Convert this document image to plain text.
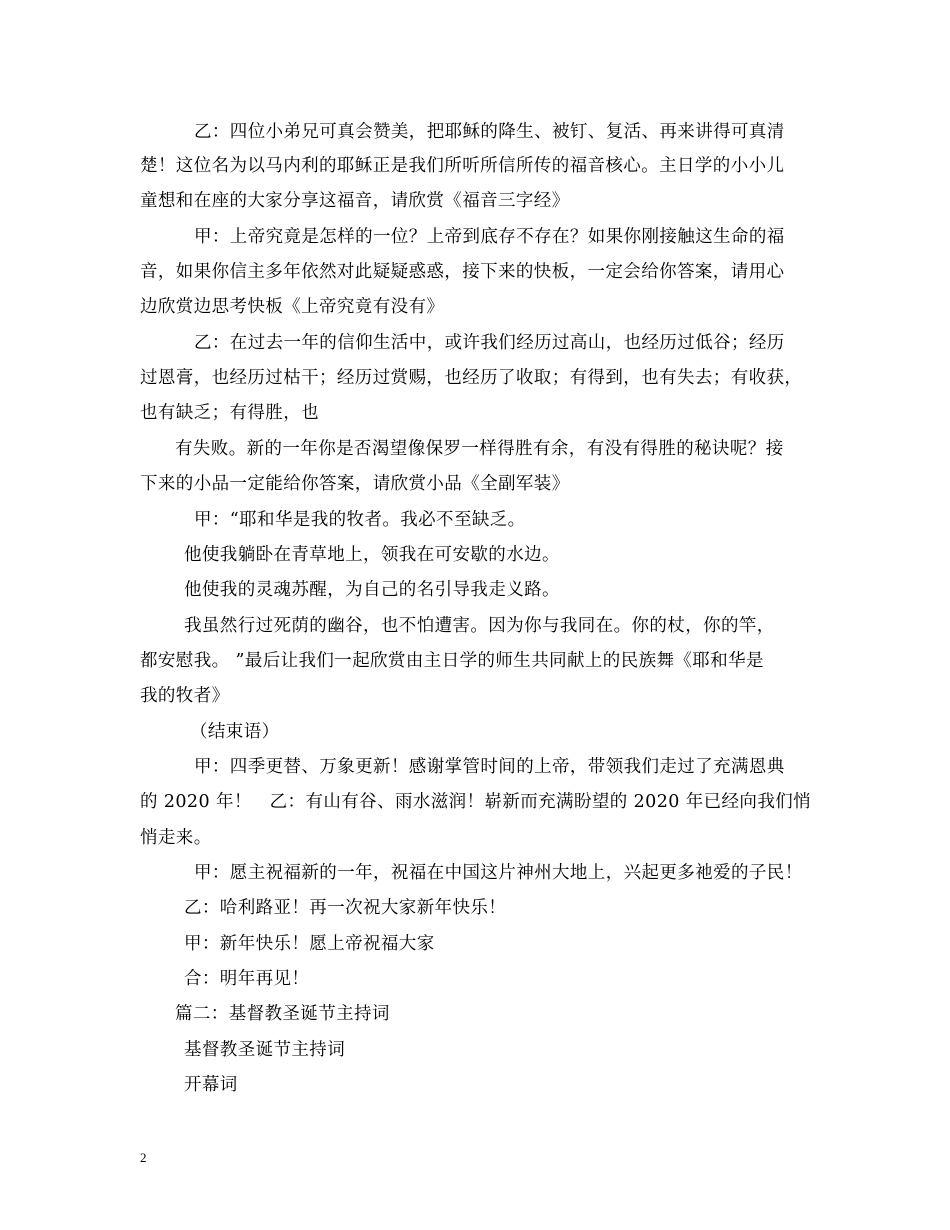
乙：四位小弟兄可真会赞美，把耶稣的降生、被钉、复活、再来讲得可真清
楚！这位名为以马内利的耶稣正是我们所听所信所传的福音核心。主日学的小小儿
童想和在座的大家分享这福音，请欣赏《福音三字经》
甲：上帝究竟是怎样的一位？上帝到底存不存在？如果你刚接触这生命的福
音，如果你信主多年依然对此疑疑惑惑，接下来的快板，一定会给你答案，请用心
边欣赏边思考快板《上帝究竟有没有》
乙：在过去一年的信仰生活中，或许我们经历过高山，也经历过低谷；经历
过恩膏，也经历过枯干；经历过赏赐，也经历了收取；有得到，也有失去；有收获，
也有缺乏；有得胜，也
有失败。新的一年你是否渴望像保罗一样得胜有余，有没有得胜的秘诀呢？接
下来的小品一定能给你答案，请欣赏小品《全副军装》
甲：“耶和华是我的牧者。我必不至缺乏。
他使我躺卧在青草地上，领我在可安歇的水边。
他使我的灵魂苏醒，为自己的名引导我走义路。
我虽然行过死荫的幽谷，也不怕遭害。因为你与我同在。你的杖，你的竿，
都安慰我。 ”最后让我们一起欣赏由主日学的师生共同献上的民族舞《耶和华是
我的牧者》
（结束语）
甲：四季更替、万象更新！感谢掌管时间的上帝，带领我们走过了充满恩典
的 2020 年！　乙：有山有谷、雨水滋润！崭新而充满盼望的 2020 年已经向我们悄
悄走来。
甲：愿主祝福新的一年，祝福在中国这片神州大地上，兴起更多祂爱的子民！
乙：哈利路亚！再一次祝大家新年快乐！
甲：新年快乐！愿上帝祝福大家
合：明年再见！
篇二：基督教圣诞节主持词
基督教圣诞节主持词
开幕词
2
